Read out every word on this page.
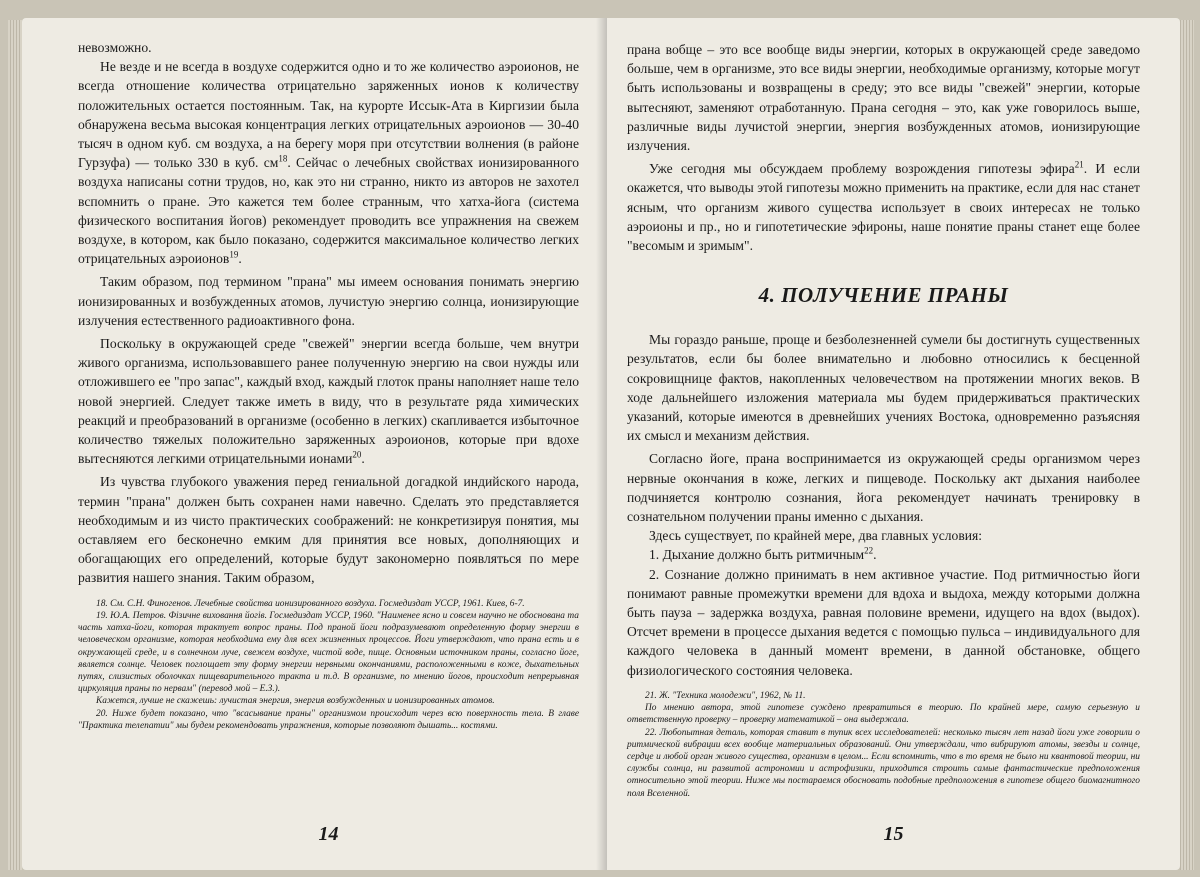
невозможно.

Не везде и не всегда в воздухе содержится одно и то же количество аэроионов, не всегда отношение количества отрицательно заряженных ионов к количеству положительных остается постоянным. Так, на курорте Иссык-Ата в Киргизии была обнаружена весьма высокая концентрация легких отрицательных аэроионов — 30-40 тысяч в одном куб. см воздуха, а на берегу моря при отсутствии волнения (в районе Гурзуфа) — только 330 в куб. $см^{18}$. Сейчас о лечебных свойствах ионизированного воздуха написаны сотни трудов, но, как это ни странно, никто из авторов не захотел вспомнить о пране. Это кажется тем более странным, что хатха-йога (система физического воспитания йогов) рекомендует проводить все упражнения на свежем воздухе, в котором, как было показано, содержится максимальное количество легких отрицательных аэроионов$^{19}$.

Таким образом, под термином "прана" мы имеем основания понимать энергию ионизированных и возбужденных атомов, лучистую энергию солнца, ионизирующие излучения естественного радиоактивного фона.

Поскольку в окружающей среде "свежей" энергии всегда больше, чем внутри живого организма, использовавшего ранее полученную энергию на свои нужды или отложившего ее "про запас", каждый вход, каждый глоток праны наполняет наше тело новой энергией. Следует также иметь в виду, что в результате ряда химических реакций и преобразований в организме (особенно в легких) скапливается избыточное количество тяжелых положительно заряженных аэроионов, которые при вдохе вытесняются легкими отрицательными ионами$^{20}$.

Из чувства глубокого уважения перед гениальной догадкой индийского народа, термин "прана" должен быть сохранен нами навечно. Сделать это представляется необходимым и из чисто практических соображений: не конкретизируя понятия, мы оставляем его бесконечно емким для принятия все новых, дополняющих и обогащающих его определений, которые будут закономерно появляться по мере развития нашего знания. Таким образом,

18. См. С.Н. Финогенов. Лечебные свойства ионизированного воздуха. Госмедиздат УССР, 1961. Киев, 6-7.

19. Ю.А. Петров. Фізичне виховання йогів. Госмедиздат УССР, 1960. "Наименее ясно и совсем научно не обоснована та часть хатха-йоги, которая трактует вопрос праны. Под праной йоги подразумевают определенную форму энергии в человеческом организме, которая необходима ему для всех жизненных процессов. Йоги утверждают, что прана есть и в окружающей среде, и в солнечном луче, свежем воздухе, чистой воде, пище. Основным источником праны, согласно йоге, является солнце. Человек поглощает эту форму энергии нервными окончаниями, расположенными в коже, дыхательных путях, слизистых оболочках пищеварительного тракта и т.д. В организме, по мнению йогов, происходит непрерывная циркуляция праны по нервам" (перевод мой – Е.З.).

Кажется, лучше не скажешь: лучистая энергия, энергия возбужденных и ионизированных атомов.

20. Ниже будет показано, что "всасывание праны" организмом происходит через всю поверхность тела. В главе "Практика телепатии" мы будем рекомендовать упражнения, которые позволяют дышать... костями.

14

прана вобще – это все вообще виды энергии, которых в окружающей среде заведомо больше, чем в организме, это все виды энергии, необходимые организму, которые могут быть использованы и возвращены в среду; это все виды "свежей" энергии, которые вытесняют, заменяют отработанную. Прана сегодня – это, как уже говорилось выше, различные виды лучистой энергии, энергия возбужденных атомов, ионизирующие излучения.

Уже сегодня мы обсуждаем проблему возрождения гипотезы эфира$^{21}$. И если окажется, что выводы этой гипотезы можно применить на практике, если для нас станет ясным, что организм живого существа использует в своих интересах не только аэроионы и пр., но и гипотетические эфироны, наше понятие праны станет еще более "весомым и зримым".

4. ПОЛУЧЕНИЕ ПРАНЫ

Мы гораздо раньше, проще и безболезненней сумели бы достигнуть существенных результатов, если бы более внимательно и любовно относились к бесценной сокровищнице фактов, накопленных человечеством на протяжении многих веков. В ходе дальнейшего изложения материала мы будем придерживаться практических указаний, которые имеются в древнейших учениях Востока, одновременно разъясняя их смысл и механизм действия.

Согласно йоге, прана воспринимается из окружающей среды организмом через нервные окончания в коже, легких и пищеводе. Поскольку акт дыхания наиболее подчиняется контролю сознания, йога рекомендует начинать тренировку в сознательном получении праны именно с дыхания.

Здесь существует, по крайней мере, два главных условия:

1. Дыхание должно быть ритмичным$^{22}$.

2. Сознание должно принимать в нем активное участие. Под ритмичностью йоги понимают равные промежутки времени для вдоха и выдоха, между которыми должна быть пауза – задержка воздуха, равная половине времени, идущего на вдох (выдох). Отсчет времени в процессе дыхания ведется с помощью пульса – индивидуального для каждого человека в данный момент времени, в данной обстановке, общего физиологического состояния человека.

21. Ж. "Техника молодежи", 1962, № 11.

По мнению автора, этой гипотезе суждено превратиться в теорию. По крайней мере, самую серьезную и ответственную проверку – проверку математикой – она выдержала.

22. Любопытная деталь, которая ставит в тупик всех исследователей: несколько тысяч лет назад йоги уже говорили о ритмической вибрации всех вообще материальных образований. Они утверждали, что вибрируют атомы, звезды и солнце, сердце и любой орган живого существа, организм в целом... Если вспомнить, что в то время не было ни квантовой теории, ни службы солнца, ни развитой астрономии и астрофизики, приходится строить самые фантастические предположения относительно этой теории. Ниже мы постараемся обосновать подобные предположения в гипотезе общего биомагнитного поля Вселенной.

15
